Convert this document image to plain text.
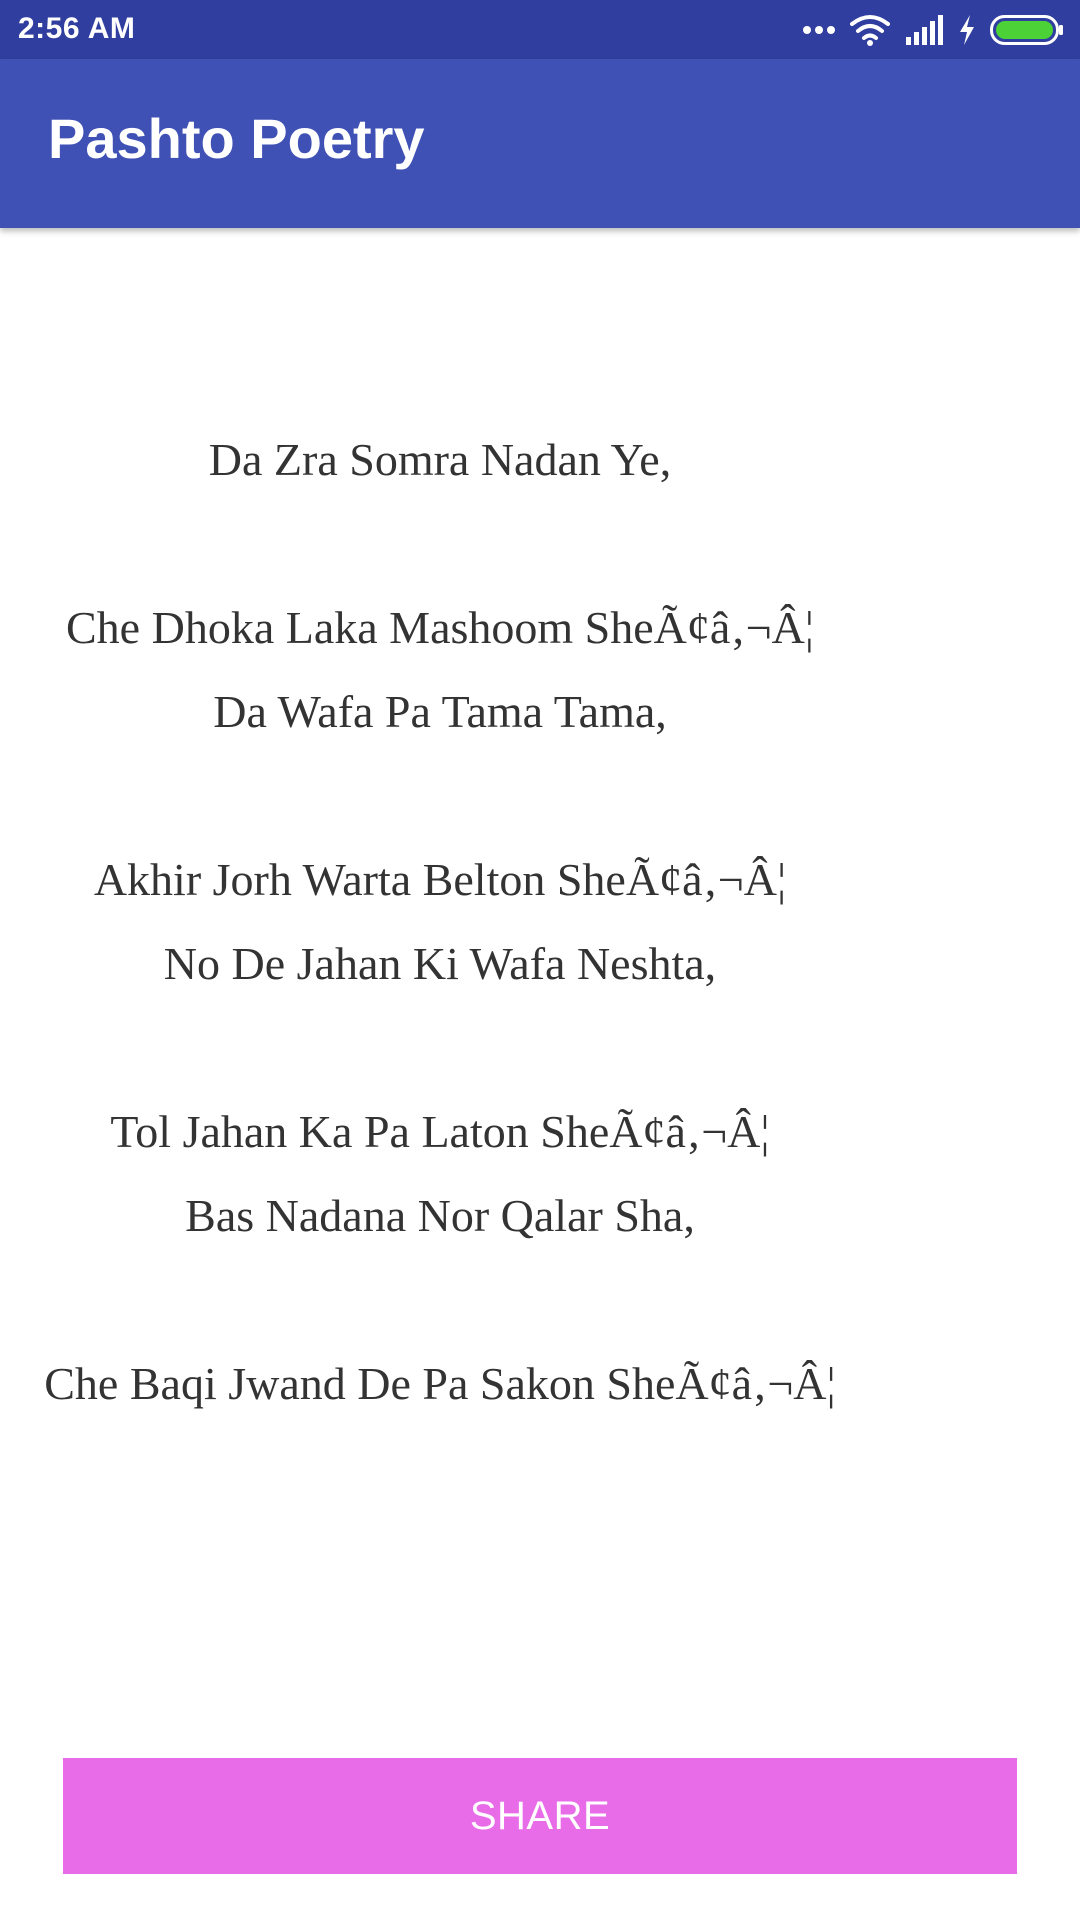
2:56 AM
Pashto Poetry
Da Zra Somra Nadan Ye,
Che Dhoka Laka Mashoom SheÃ¢â‚¬Â¦
Da Wafa Pa Tama Tama,
Akhir Jorh Warta Belton SheÃ¢â‚¬Â¦
No De Jahan Ki Wafa Neshta,
Tol Jahan Ka Pa Laton SheÃ¢â‚¬Â¦
Bas Nadana Nor Qalar Sha,
Che Baqi Jwand De Pa Sakon SheÃ¢â‚¬Â¦
SHARE
